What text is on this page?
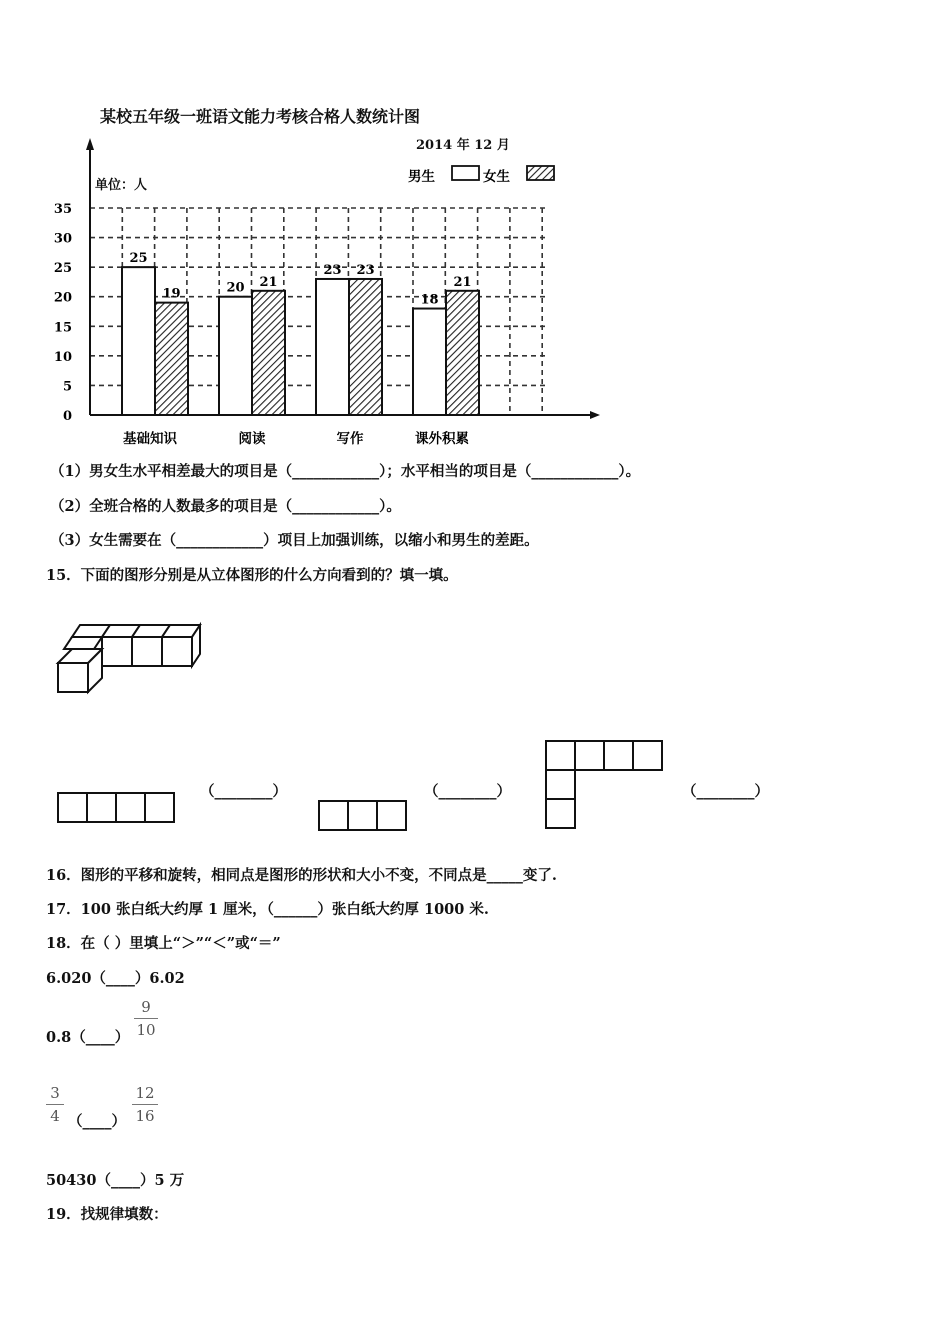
某校五年级一班语文能力考核合格人数统计图
2014 年 12 月
单位：人
0
5
10
15
20
25
30
35
基础知识	阅读	写作	课外积累
25
19	20 21
23 23
18
21
男生	女生
（1）男女生水平相差最大的项目是（____________）；水平相当的项目是（____________）。
（2）全班合格的人数最多的项目是（____________）。
（3）女生需要在（____________）项目上加强训练，以缩小和男生的差距。
15．下面的图形分别是从立体图形的什么方向看到的？填一填。
（________）	（________）	（________）
16．图形的平移和旋转，相同点是图形的形状和大小不变，不同点是_____变了.
17．100 张白纸大约厚 1 厘米，（______）张白纸大约厚 1000 米.
18．在（ ）里填上“＞”“＜”或“＝”
6.020（____）6.02
0.8（____）
9
10
3
4 （____）
12
16
50430（____）5 万
19．找规律填数：
